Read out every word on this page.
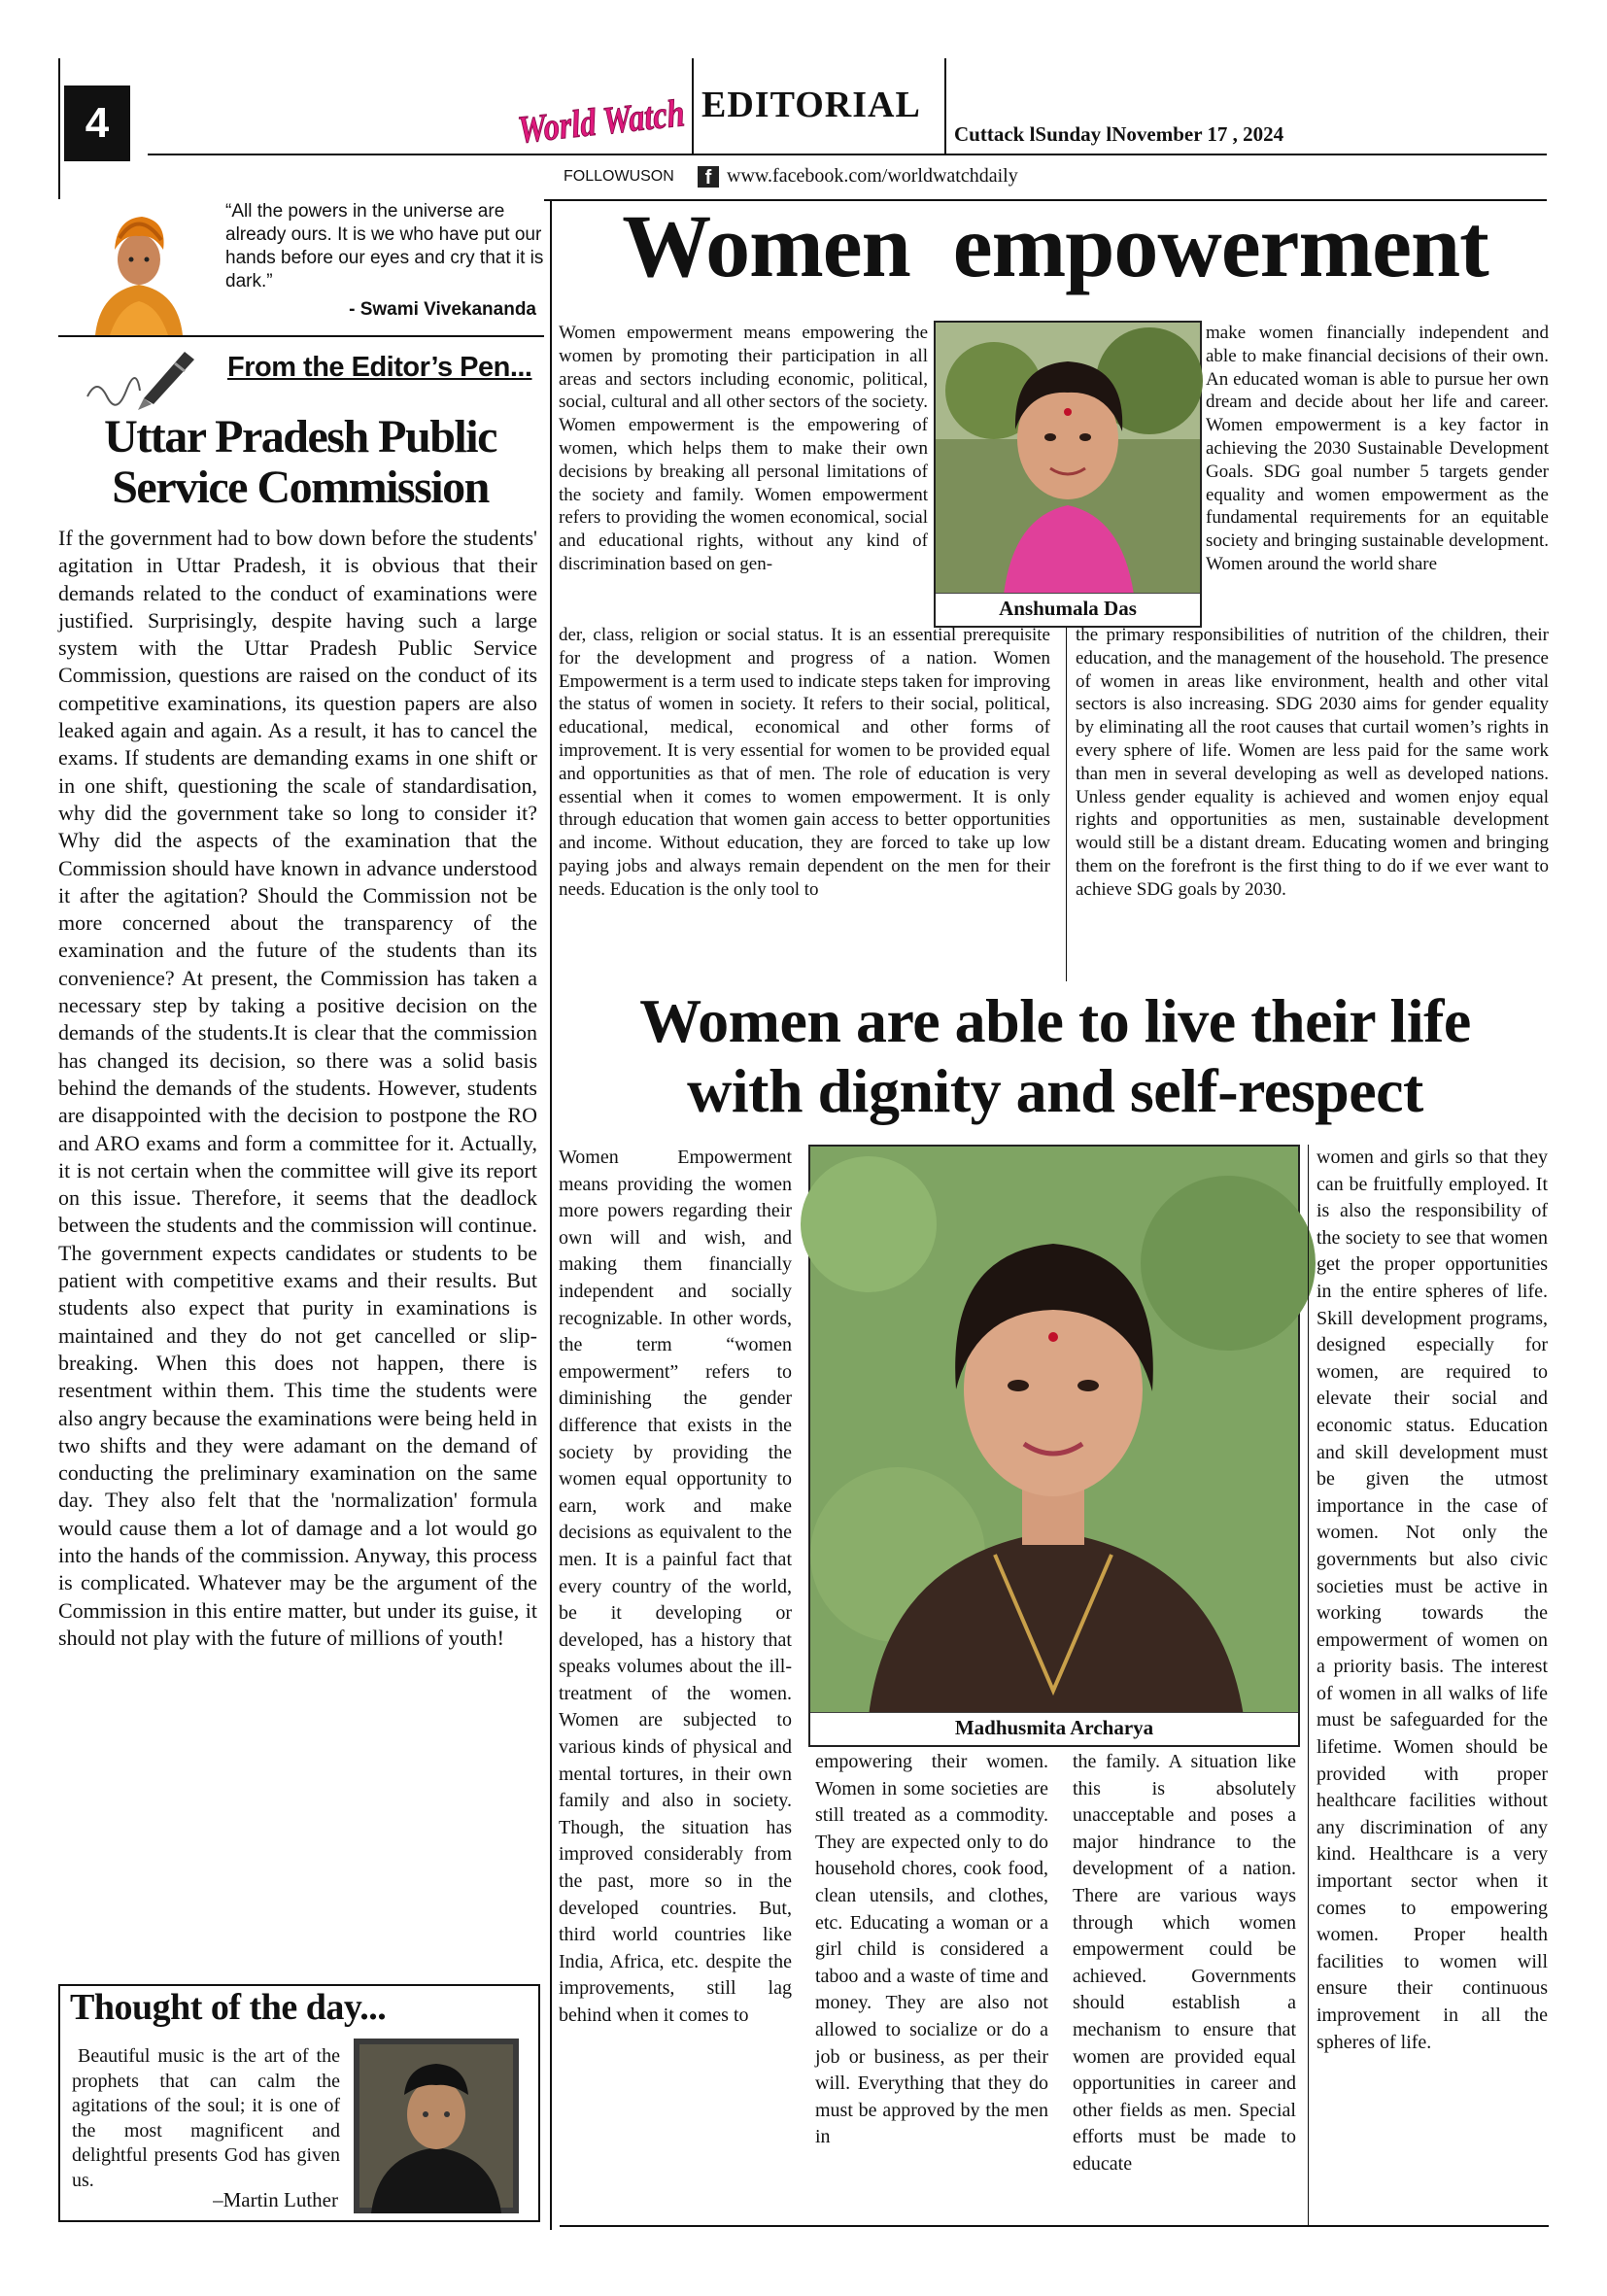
4	World Watch
EDITORIAL
Cuttack lSunday lNovember 17 , 2024
FOLLOWUSON	f www.facebook.com/worldwatchdaily
“All the powers in the universe are already ours. It is we who have put our hands before our eyes and cry that it is dark.”
- Swami Vivekananda
From the Editor’s Pen...
Uttar Pradesh Public Service Commission
If the government had to bow down before the students' agitation in Uttar Pradesh, it is obvious that their demands related to the conduct of examinations were justified. Surprisingly, despite having such a large system with the Uttar Pradesh Public Service Commission, questions are raised on the conduct of its competitive examinations, its question papers are also leaked again and again. As a result, it has to cancel the exams. If students are demanding exams in one shift or in one shift, questioning the scale of standardisation, why did the government take so long to consider it? Why did the aspects of the examination that the Commission should have known in advance understood it after the agitation? Should the Commission not be more concerned about the transparency of the examination and the future of the students than its convenience? At present, the Commission has taken a necessary step by taking a positive decision on the demands of the students.It is clear that the commission has changed its decision, so there was a solid basis behind the demands of the students. However, students are disappointed with the decision to postpone the RO and ARO exams and form a committee for it. Actually, it is not certain when the committee will give its report on this issue. Therefore, it seems that the deadlock between the students and the commission will continue. The government expects candidates or students to be patient with competitive exams and their results. But students also expect that purity in examinations is maintained and they do not get cancelled or slip-breaking. When this does not happen, there is resentment within them. This time the students were also angry because the examinations were being held in two shifts and they were adamant on the demand of conducting the preliminary examination on the same day. They also felt that the 'normalization' formula would cause them a lot of damage and a lot would go into the hands of the commission. Anyway, this process is complicated. Whatever may be the argument of the Commission in this entire matter, but under its guise, it should not play with the future of millions of youth!
Thought of the day...
Beautiful music is the art of the prophets that can calm the agitations of the soul; it is one of the most magnificent and delightful presents God has given us.
–Martin Luther
Women  empowerment
Women empowerment means empowering the women by promoting their participation in all areas and sectors including economic, political, social, cultural and all other sectors of the society. Women empowerment is the empowering of women, which helps them to make their own decisions by breaking all personal limitations of the society and family. Women empowerment refers to providing the women economical, social and educational rights, without any kind of discrimination based on gen-
Anshumala Das
make women financially independent and able to make financial decisions of their own. An educated woman is able to pursue her own dream and decide about her life and career. Women empowerment is a key factor in achieving the 2030 Sustainable Development Goals. SDG goal number 5 targets gender equality and women empowerment as the fundamental requirements for an equitable society and bringing sustainable development. Women around the world share
der, class, religion or social status. It is an essential prerequisite for the development and progress of a nation. Women Empowerment is a term used to indicate steps taken for improving the status of women in society. It refers to their social, political, educational, medical, economical and other forms of improvement. It is very essential for women to be provided equal and opportunities as that of men. The role of education is very essential when it comes to women empowerment. It is only through education that women gain access to better opportunities and income. Without education, they are forced to take up low paying jobs and always remain dependent on the men for their needs. Education is the only tool to
the primary responsibilities of nutrition of the children, their education, and the management of the household. The presence of women in areas like environment, health and other vital sectors is also increasing. SDG 2030 aims for gender equality by eliminating all the root causes that curtail women’s rights in every sphere of life. Women are less paid for the same work than men in several developing as well as developed nations. Unless gender equality is achieved and women enjoy equal rights and opportunities as men, sustainable development would still be a distant dream. Educating women and bringing them on the forefront is the first thing to do if we ever want to achieve SDG goals by 2030.
Women are able to live their life
with dignity and self-respect
Women Empowerment means providing the women more powers regarding their own will and wish, and making them financially independent and socially recognizable. In other words, the term “women empowerment” refers to diminishing the gender difference that exists in the society by providing the women equal opportunity to earn, work and make decisions as equivalent to the men. It is a painful fact that every country of the world, be it developing or developed, has a history that speaks volumes about the ill-treatment of the women. Women are subjected to various kinds of physical and mental tortures, in their own family and also in society. Though, the situation has improved considerably from the past, more so in the developed countries. But, third world countries like India, Africa, etc. despite the improvements, still lag behind when it comes to
Madhusmita Archarya
empowering their women. Women in some societies are still treated as a commodity. They are expected only to do household chores, cook food, clean utensils, and clothes, etc. Educating a woman or a girl child is considered a taboo and a waste of time and money. They are also not allowed to socialize or do a job or business, as per their will. Everything that they do must be approved by the men in
the family. A situation like this is absolutely unacceptable and poses a major hindrance to the development of a nation. There are various ways through which women empowerment could be achieved. Governments should establish a mechanism to ensure that women are provided equal opportunities in career and other fields as men. Special efforts must be made to educate
women and girls so that they can be fruitfully employed. It is also the responsibility of the society to see that women get the proper opportunities in the entire spheres of life. Skill development programs, designed especially for women, are required to elevate their social and economic status. Education and skill development must be given the utmost importance in the case of women. Not only the governments but also civic societies must be active in working towards the empowerment of women on a priority basis. The interest of women in all walks of life must be safeguarded for the lifetime. Women should be provided with proper healthcare facilities without any discrimination of any kind. Healthcare is a very important sector when it comes to empowering women. Proper health facilities to women will ensure their continuous improvement in all the spheres of life.
